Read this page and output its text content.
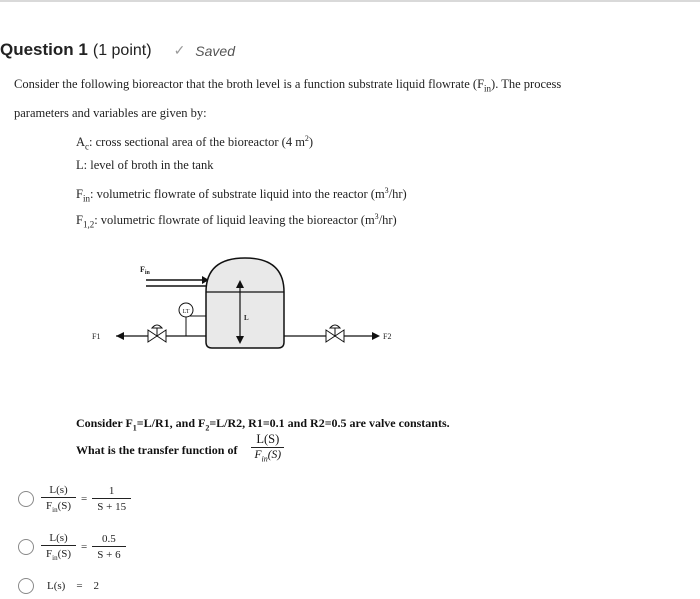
Question 1 (1 point) ✓ Saved
Consider the following bioreactor that the broth level is a function substrate liquid flowrate $(F_{in})$. The process
parameters and variables are given by:
$A_c$: cross sectional area of the bioreactor (4 $m^2$)
L: level of broth in the tank
$F_{in}$: volumetric flowrate of substrate liquid into the reactor $(m^3/hr)$
$F_{1,2}$: volumetric flowrate of liquid leaving the bioreactor $(m^3/hr)$
$F_{in}$
L
LT
F1	F2
Consider $F_1=L/R1$, and $F_2=L/R2$, R1=0.1 and R2=0.5 are valve constants.
What is the transfer function of $\frac{L(S)}{F_{in}(S)}$
$\frac{L(s)}{F_{in}(S)} = \frac{1}{S + 15}$
$\frac{L(s)}{F_{in}(S)} = \frac{0.5}{S + 6}$
L(s)	=	2
